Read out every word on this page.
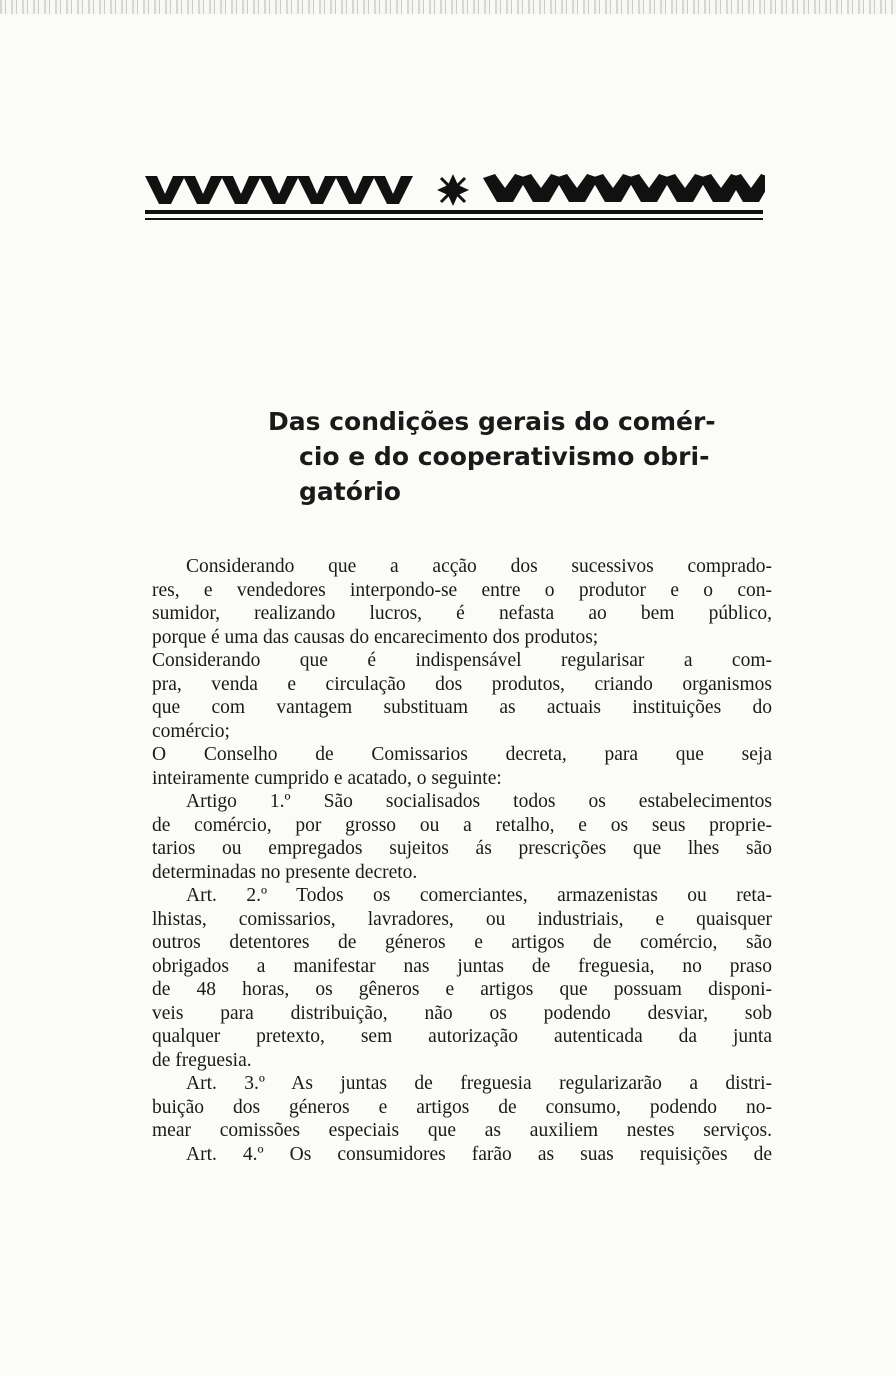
Das condições gerais do comér-
cio e do cooperativismo obri-
gatório
Considerando que a acção dos sucessivos comprado-
res, e vendedores interpondo-se entre o produtor e o con-
sumidor, realizando lucros, é nefasta ao bem público,
porque é uma das causas do encarecimento dos produtos;
Considerando que é indispensável regularisar a com-
pra, venda e circulação dos produtos, criando organismos
que com vantagem substituam as actuais instituições do
comércio;
O Conselho de Comissarios decreta, para que seja
inteiramente cumprido e acatado, o seguinte:
Artigo 1.º São socialisados todos os estabelecimentos
de comércio, por grosso ou a retalho, e os seus proprie-
tarios ou empregados sujeitos ás prescrições que lhes são
determinadas no presente decreto.
Art. 2.º Todos os comerciantes, armazenistas ou reta-
lhistas, comissarios, lavradores, ou industriais, e quaisquer
outros detentores de géneros e artigos de comércio, são
obrigados a manifestar nas juntas de freguesia, no praso
de 48 horas, os gêneros e artigos que possuam disponi-
veis para distribuição, não os podendo desviar, sob
qualquer pretexto, sem autorização autenticada da junta
de freguesia.
Art. 3.º As juntas de freguesia regularizarão a distri-
buição dos géneros e artigos de consumo, podendo no-
mear comissões especiais que as auxiliem nestes serviços.
Art. 4.º Os consumidores farão as suas requisições de
